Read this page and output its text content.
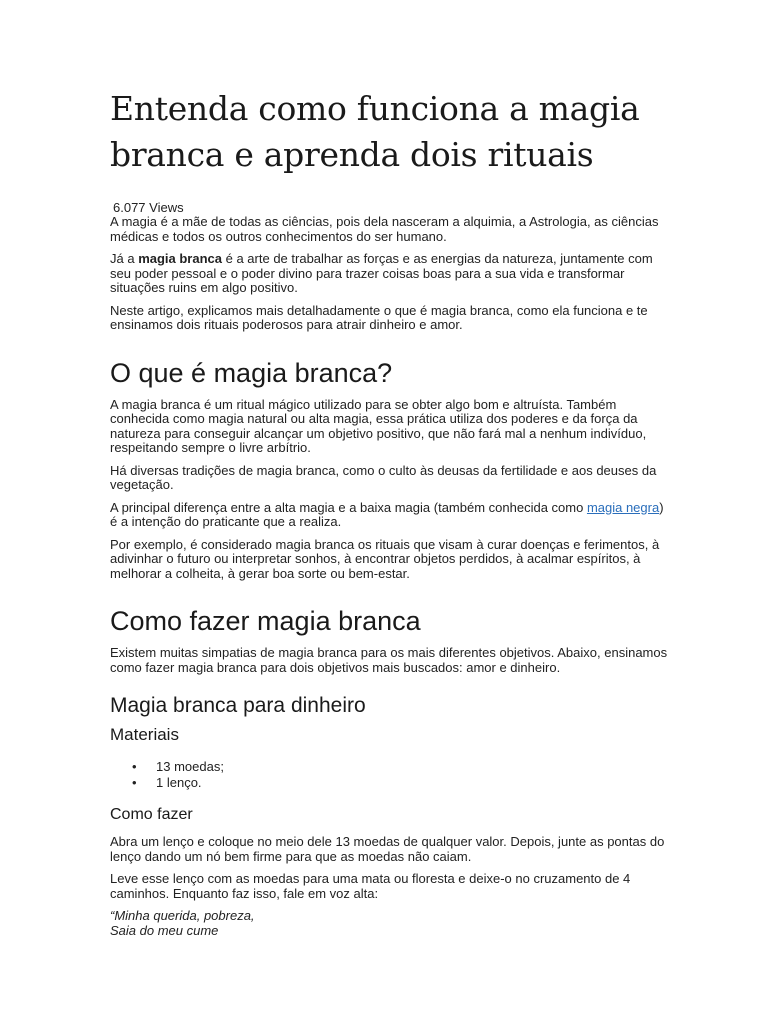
Entenda como funciona a magia branca e aprenda dois rituais
6.077 Views

A magia é a mãe de todas as ciências, pois dela nasceram a alquimia, a Astrologia, as ciências médicas e todos os outros conhecimentos do ser humano.

Já a magia branca é a arte de trabalhar as forças e as energias da natureza, juntamente com seu poder pessoal e o poder divino para trazer coisas boas para a sua vida e transformar situações ruins em algo positivo.

Neste artigo, explicamos mais detalhadamente o que é magia branca, como ela funciona e te ensinamos dois rituais poderosos para atrair dinheiro e amor.

O que é magia branca?

A magia branca é um ritual mágico utilizado para se obter algo bom e altruísta. Também conhecida como magia natural ou alta magia, essa prática utiliza dos poderes e da força da natureza para conseguir alcançar um objetivo positivo, que não fará mal a nenhum indivíduo, respeitando sempre o livre arbítrio.

Há diversas tradições de magia branca, como o culto às deusas da fertilidade e aos deuses da vegetação.

A principal diferença entre a alta magia e a baixa magia (também conhecida como magia negra) é a intenção do praticante que a realiza.

Por exemplo, é considerado magia branca os rituais que visam à curar doenças e ferimentos, à adivinhar o futuro ou interpretar sonhos, à encontrar objetos perdidos, à acalmar espíritos, à melhorar a colheita, à gerar boa sorte ou bem-estar.

Como fazer magia branca

Existem muitas simpatias de magia branca para os mais diferentes objetivos. Abaixo, ensinamos como fazer magia branca para dois objetivos mais buscados: amor e dinheiro.

Magia branca para dinheiro
Materiais
• 13 moedas;
• 1 lenço.
Como fazer

Abra um lenço e coloque no meio dele 13 moedas de qualquer valor. Depois, junte as pontas do lenço dando um nó bem firme para que as moedas não caiam.

Leve esse lenço com as moedas para uma mata ou floresta e deixe-o no cruzamento de 4 caminhos. Enquanto faz isso, fale em voz alta:

“Minha querida, pobreza,
Saia do meu cume
